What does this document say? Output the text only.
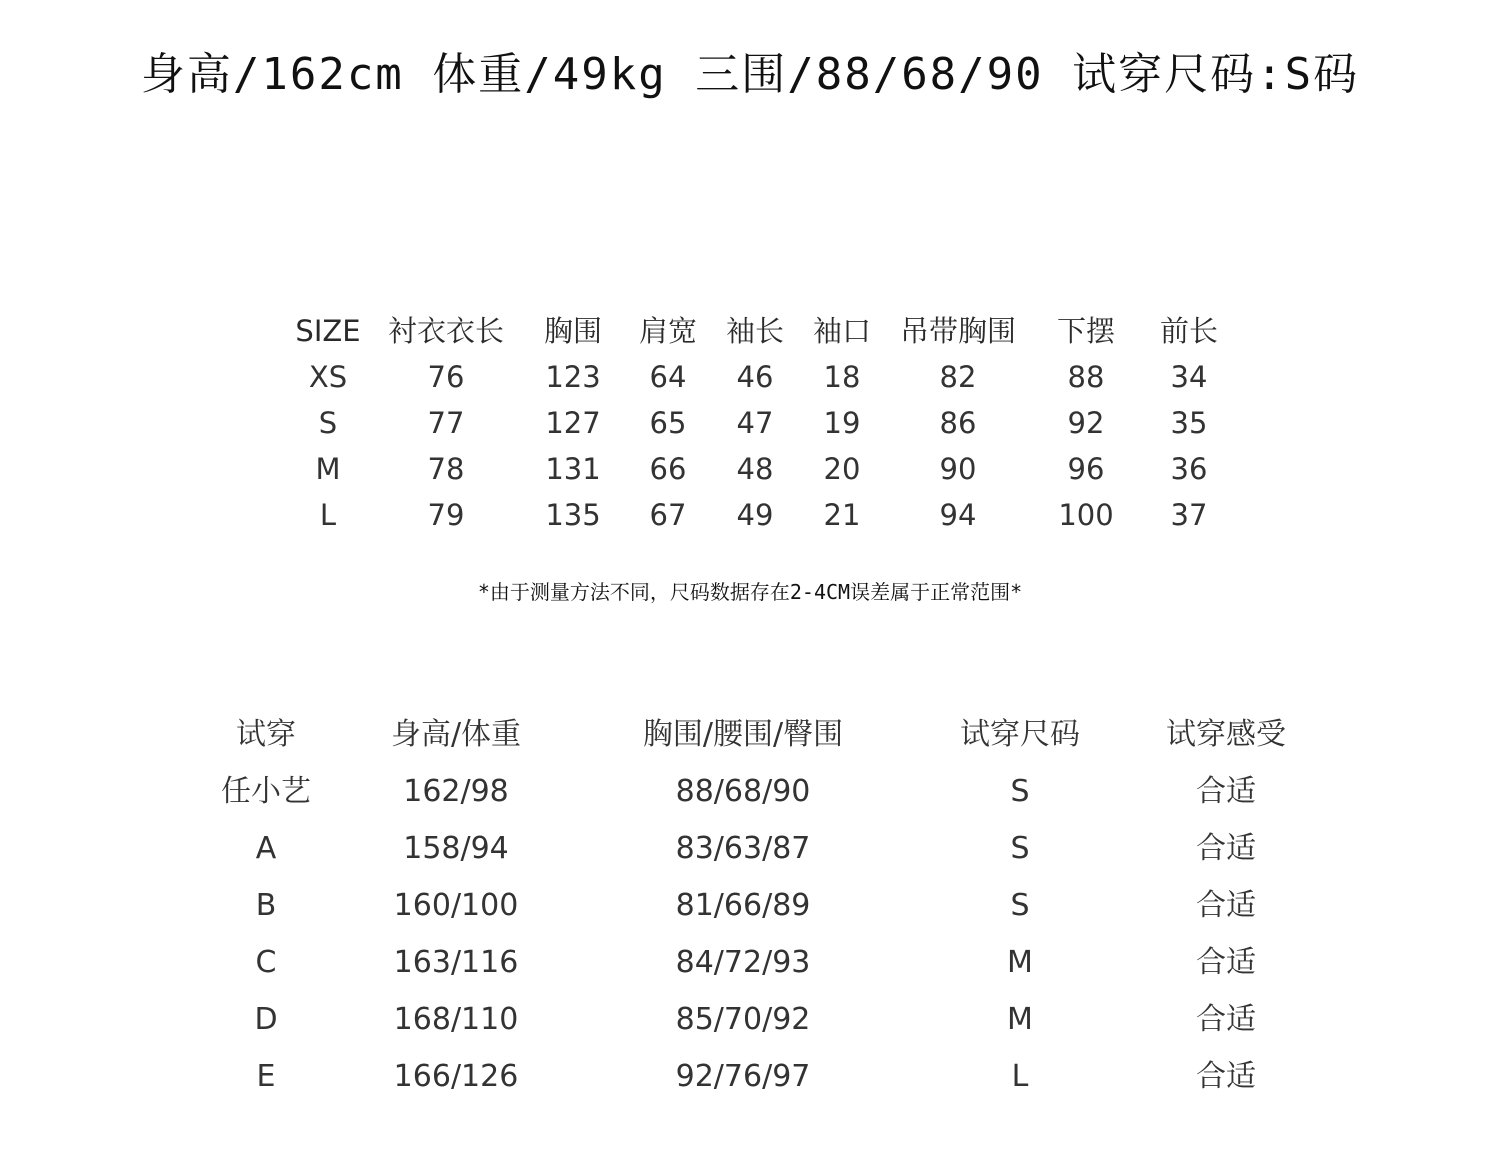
身高/162cm 体重/49kg 三围/88/68/90 试穿尺码:S码
SIZE 衬衣衣长 胸围 肩宽 袖长 袖口 吊带胸围 下摆 前长
XS	76	123 64 46 18	82	88 34
S	77	127 65 47 19	86	92 35
M	78	131 66 48 20	90	96 36
L	79	135 67 49 21	94	100 37
*由于测量方法不同，尺码数据存在2-4CM误差属于正常范围*
试穿	身高/体重	胸围/腰围/臀围	试穿尺码	试穿感受
任小艺	162/98	88/68/90	S	合适
A	158/94	83/63/87	S	合适
B	160/100	81/66/89	S	合适
C	163/116	84/72/93	M	合适
D	168/110	85/70/92	M	合适
E	166/126	92/76/97	L	合适
